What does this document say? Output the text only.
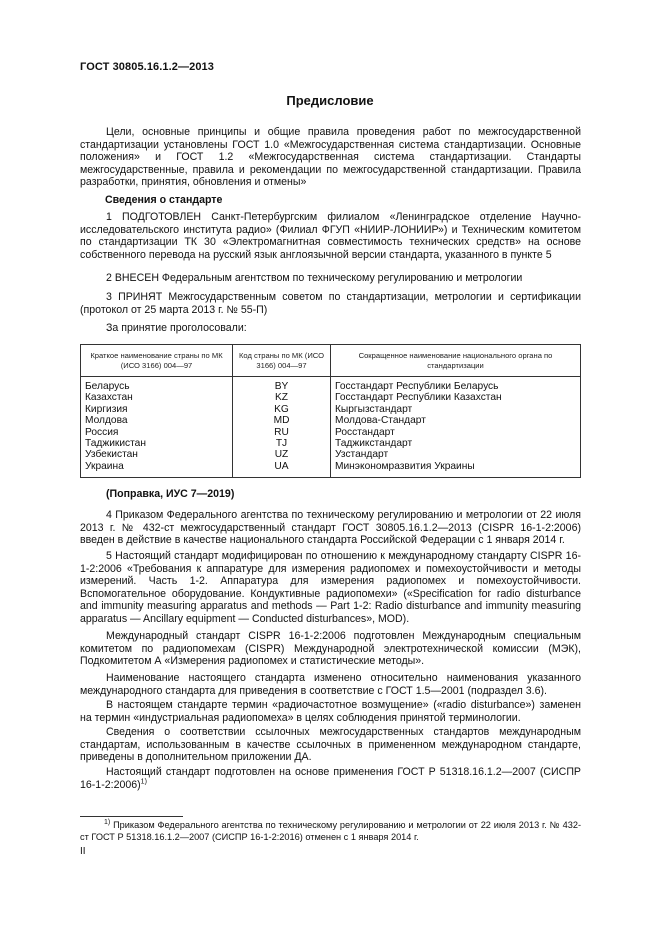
ГОСТ 30805.16.1.2—2013
Предисловие

Цели, основные принципы и общие правила проведения работ по межгосударственной стандартизации установлены ГОСТ 1.0 «Межгосударственная система стандартизации. Основные положения» и ГОСТ 1.2 «Межгосударственная система стандартизации. Стандарты межгосударственные, правила и рекомендации по межгосударственной стандартизации. Правила разработки, принятия, обновления и отмены»

Сведения о стандарте

1 ПОДГОТОВЛЕН Санкт-Петербургским филиалом «Ленинградское отделение Научно-исследовательского института радио» (Филиал ФГУП «НИИР-ЛОНИИР») и Техническим комитетом по стандартизации ТК 30 «Электромагнитная совместимость технических средств» на основе собственного перевода на русский язык англоязычной версии стандарта, указанного в пункте 5

2 ВНЕСЕН Федеральным агентством по техническому регулированию и метрологии

3 ПРИНЯТ Межгосударственным советом по стандартизации, метрологии и сертификации (протокол от 25 марта 2013 г. № 55-П)

За принятие проголосовали:

Краткое наименование страны по МК (ИСО 3166) 004—97	Код страны по МК (ИСО 3166) 004—97	Сокращенное наименование национального органа по стандартизации
Беларусь	BY	Госстандарт Республики Беларусь
Казахстан	KZ	Госстандарт Республики Казахстан
Киргизия	KG	Кыргызстандарт
Молдова	MD	Молдова-Стандарт
Россия	RU	Росстандарт
Таджикистан	TJ	Таджикстандарт
Узбекистан	UZ	Узстандарт
Украина	UA	Минэкономразвития Украины
(Поправка, ИУС 7—2019)

4 Приказом Федерального агентства по техническому регулированию и метрологии от 22 июля 2013 г. № 432-ст межгосударственный стандарт ГОСТ 30805.16.1.2—2013 (CISPR 16-1-2:2006) введен в действие в качестве национального стандарта Российской Федерации с 1 января 2014 г.

5 Настоящий стандарт модифицирован по отношению к международному стандарту CISPR 16-1-2:2006 «Требования к аппаратуре для измерения радиопомех и помехоустойчивости и методы измерений. Часть 1-2. Аппаратура для измерения радиопомех и помехоустойчивости. Вспомогательное оборудование. Кондуктивные радиопомехи» («Specification for radio disturbance and immunity measuring apparatus and methods — Part 1-2: Radio disturbance and immunity measuring apparatus — Ancillary equipment — Conducted disturbances», MOD).

Международный стандарт CISPR 16-1-2:2006 подготовлен Международным специальным комитетом по радиопомехам (CISPR) Международной электротехнической комиссии (МЭК), Подкомитетом А «Измерения радиопомех и статистические методы».

Наименование настоящего стандарта изменено относительно наименования указанного международного стандарта для приведения в соответствие с ГОСТ 1.5—2001 (подраздел 3.6).

В настоящем стандарте термин «радиочастотное возмущение» («radio disturbance») заменен на термин «индустриальная радиопомеха» в целях соблюдения принятой терминологии.

Сведения о соответствии ссылочных межгосударственных стандартов международным стандартам, использованным в качестве ссылочных в примененном международном стандарте, приведены в дополнительном приложении ДА.

Настоящий стандарт подготовлен на основе применения ГОСТ Р 51318.16.1.2—2007 (СИСПР 16-1-2:2006)$^{1)}$

$^{1)}$ Приказом Федерального агентства по техническому регулированию и метрологии от 22 июля 2013 г. № 432-ст ГОСТ Р 51318.16.1.2—2007 (СИСПР 16-1-2:2016) отменен с 1 января 2014 г.

II
